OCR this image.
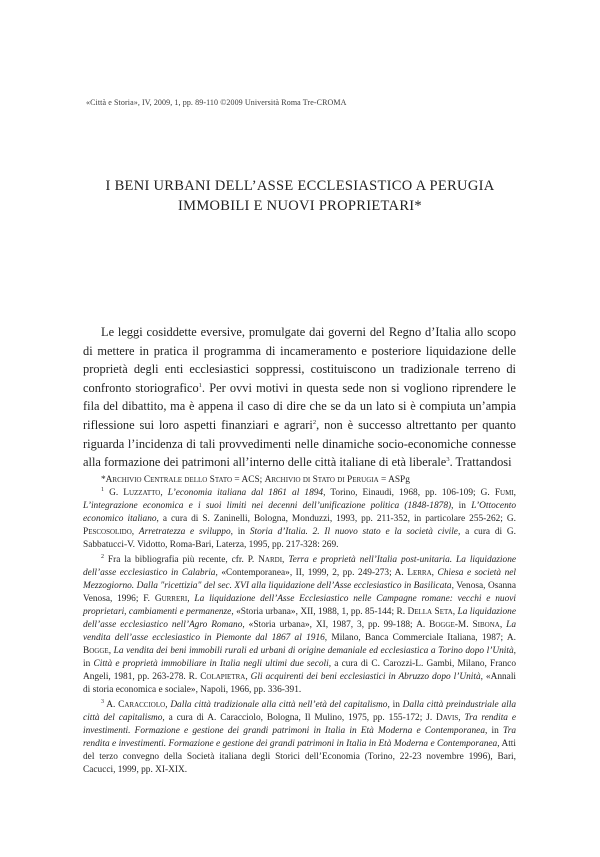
«Città e Storia», IV, 2009, 1, pp. 89-110 ©2009 Università Roma Tre-CROMA
I BENI URBANI DELL’ASSE ECCLESIASTICO A PERUGIA
IMMOBILI E NUOVI PROPRIETARI*

Le leggi cosiddette eversive, promulgate dai governi del Regno d’Italia allo scopo di mettere in pratica il programma di incameramento e posteriore liquidazione delle proprietà degli enti ecclesiastici soppressi, costituiscono un tradizionale terreno di confronto storiografico$^1$. Per ovvi motivi in questa sede non si vogliono riprendere le fila del dibattito, ma è appena il caso di dire che se da un lato si è compiuta un’ampia riflessione sui loro aspetti finanziari e agrari$^2$, non è successo altrettanto per quanto riguarda l’incidenza di tali provvedimenti nelle dinamiche socio-economiche connesse alla formazione dei patrimoni all’interno delle città italiane di età liberale$^3$. Trattandosi

*Archivio Centrale dello Stato = ACS; Archivio di Stato di Perugia = ASPg

$^1$ G. Luzzatto, L’economia italiana dal 1861 al 1894, Torino, Einaudi, 1968, pp. 106-109; G. Fumi, L’integrazione economica e i suoi limiti nei decenni dell’unificazione politica (1848-1878), in L’Ottocento economico italiano, a cura di S. Zaninelli, Bologna, Monduzzi, 1993, pp. 211-352, in particolare 255-262; G. Pescosolido, Arretratezza e sviluppo, in Storia d’Italia. 2. Il nuovo stato e la società civile, a cura di G. Sabbatucci-V. Vidotto, Roma-Bari, Laterza, 1995, pp. 217-328: 269.

$^2$ Fra la bibliografia più recente, cfr. P. Nardi, Terra e proprietà nell’Italia post-unitaria. La liquidazione dell’asse ecclesiastico in Calabria, «Contemporanea», II, 1999, 2, pp. 249-273; A. Lerra, Chiesa e società nel Mezzogiorno. Dalla "ricettizia" del sec. XVI alla liquidazione dell’Asse ecclesiastico in Basilicata, Venosa, Osanna Venosa, 1996; F. Gurreri, La liquidazione dell’Asse Ecclesiastico nelle Campagne romane: vecchi e nuovi proprietari, cambiamenti e permanenze, «Storia urbana», XII, 1988, 1, pp. 85-144; R. Della Seta, La liquidazione dell’asse ecclesiastico nell’Agro Romano, «Storia urbana», XI, 1987, 3, pp. 99-188; A. Bogge-M. Sibona, La vendita dell’asse ecclesiastico in Piemonte dal 1867 al 1916, Milano, Banca Commerciale Italiana, 1987; A. Bogge, La vendita dei beni immobili rurali ed urbani di origine demaniale ed ecclesiastica a Torino dopo l’Unità, in Città e proprietà immobiliare in Italia negli ultimi due secoli, a cura di C. Carozzi-L. Gambi, Milano, Franco Angeli, 1981, pp. 263-278. R. Colapietra, Gli acquirenti dei beni ecclesiastici in Abruzzo dopo l’Unità, «Annali di storia economica e sociale», Napoli, 1966, pp. 336-391.

$^3$ A. Caracciolo, Dalla città tradizionale alla città nell’età del capitalismo, in Dalla città preindustriale alla città del capitalismo, a cura di A. Caracciolo, Bologna, Il Mulino, 1975, pp. 155-172; J. Davis, Tra rendita e investimenti. Formazione e gestione dei grandi patrimoni in Italia in Età Moderna e Contemporanea, in Tra rendita e investimenti. Formazione e gestione dei grandi patrimoni in Italia in Età Moderna e Contemporanea, Atti del terzo convegno della Società italiana degli Storici dell’Economia (Torino, 22-23 novembre 1996), Bari, Cacucci, 1999, pp. XI-XIX.
